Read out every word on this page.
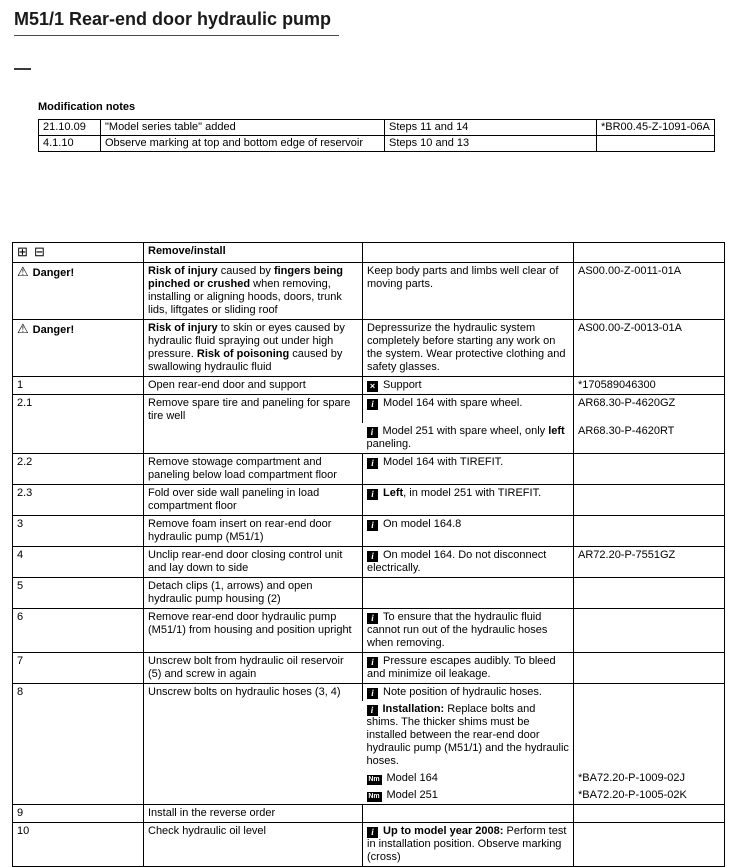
M51/1 Rear-end door hydraulic pump
Modification notes
21.10.09	"Model series table" added	Steps 11 and 14	*BR00.45-Z-1091-06A
4.1.10	Observe marking at top and bottom edge of reservoir	Steps 10 and 13	
⊞ ⊟	Remove/install		
⚠ Danger!	Risk of injury caused by fingers being pinched or crushed when removing, installing or aligning hoods, doors, trunk lids, liftgates or sliding roof	Keep body parts and limbs well clear of moving parts.	AS00.00-Z-0011-01A
⚠ Danger!	Risk of injury to skin or eyes caused by hydraulic fluid spraying out under high pressure. Risk of poisoning caused by swallowing hydraulic fluid	Depressurize the hydraulic system completely before starting any work on the system. Wear protective clothing and safety glasses.	AS00.00-Z-0013-01A
1	Open rear-end door and support	× Support	*170589046300
2.1	Remove spare tire and paneling for spare tire well	i Model 164 with spare wheel.	AR68.30-P-4620GZ
		i Model 251 with spare wheel, only left paneling.	AR68.30-P-4620RT
2.2	Remove stowage compartment and paneling below load compartment floor	i Model 164 with TIREFIT.	
2.3	Fold over side wall paneling in load compartment floor	i Left, in model 251 with TIREFIT.	
3	Remove foam insert on rear-end door hydraulic pump (M51/1)	i On model 164.8	
4	Unclip rear-end door closing control unit and lay down to side	i On model 164. Do not disconnect electrically.	AR72.20-P-7551GZ
5	Detach clips (1, arrows) and open hydraulic pump housing (2)		
6	Remove rear-end door hydraulic pump (M51/1) from housing and position upright	i To ensure that the hydraulic fluid cannot run out of the hydraulic hoses when removing.	
7	Unscrew bolt from hydraulic oil reservoir (5) and screw in again	i Pressure escapes audibly. To bleed and minimize oil leakage.	
8	Unscrew bolts on hydraulic hoses (3, 4)	i Note position of hydraulic hoses.	
		i Installation: Replace bolts and shims. The thicker shims must be installed between the rear-end door hydraulic pump (M51/1) and the hydraulic hoses.	
		Nm Model 164	*BA72.20-P-1009-02J
		Nm Model 251	*BA72.20-P-1005-02K
9	Install in the reverse order		
10	Check hydraulic oil level	i Up to model year 2008: Perform test in installation position. Observe marking (cross)	
